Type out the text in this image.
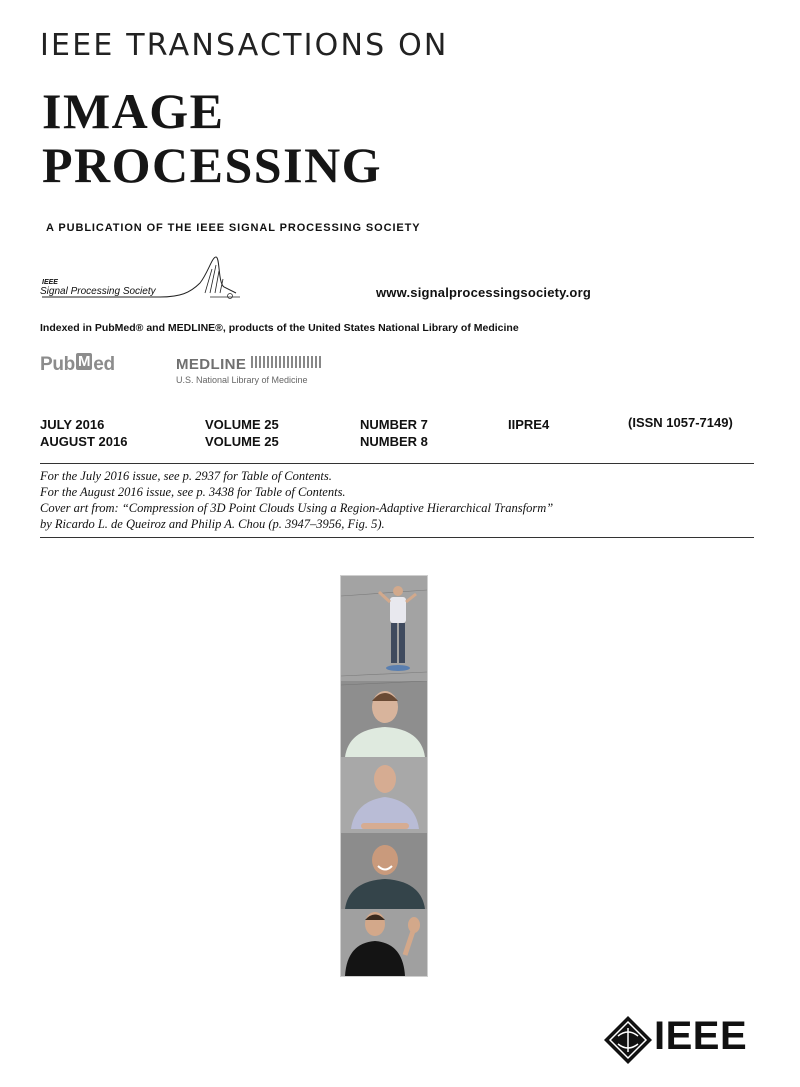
IEEE TRANSACTIONS ON
IMAGE
PROCESSING
A PUBLICATION OF THE IEEE SIGNAL PROCESSING SOCIETY
IEEE
Signal Processing Society	www.signalprocessingsociety.org
Indexed in PubMed® and MEDLINE®, products of the United States National Library of Medicine
Pub M ed	MEDLINE
U.S. National Library of Medicine
JULY 2016	VOLUME 25	NUMBER 7	IIPRE4	(ISSN 1057-7149)
AUGUST 2016	VOLUME 25	NUMBER 8
For the July 2016 issue, see p. 2937 for Table of Contents.
For the August 2016 issue, see p. 3438 for Table of Contents.
Cover art from: “Compression of 3D Point Clouds Using a Region-Adaptive Hierarchical Transform”
by Ricardo L. de Queiroz and Philip A. Chou (p. 3947–3956, Fig. 5).
IEEE
